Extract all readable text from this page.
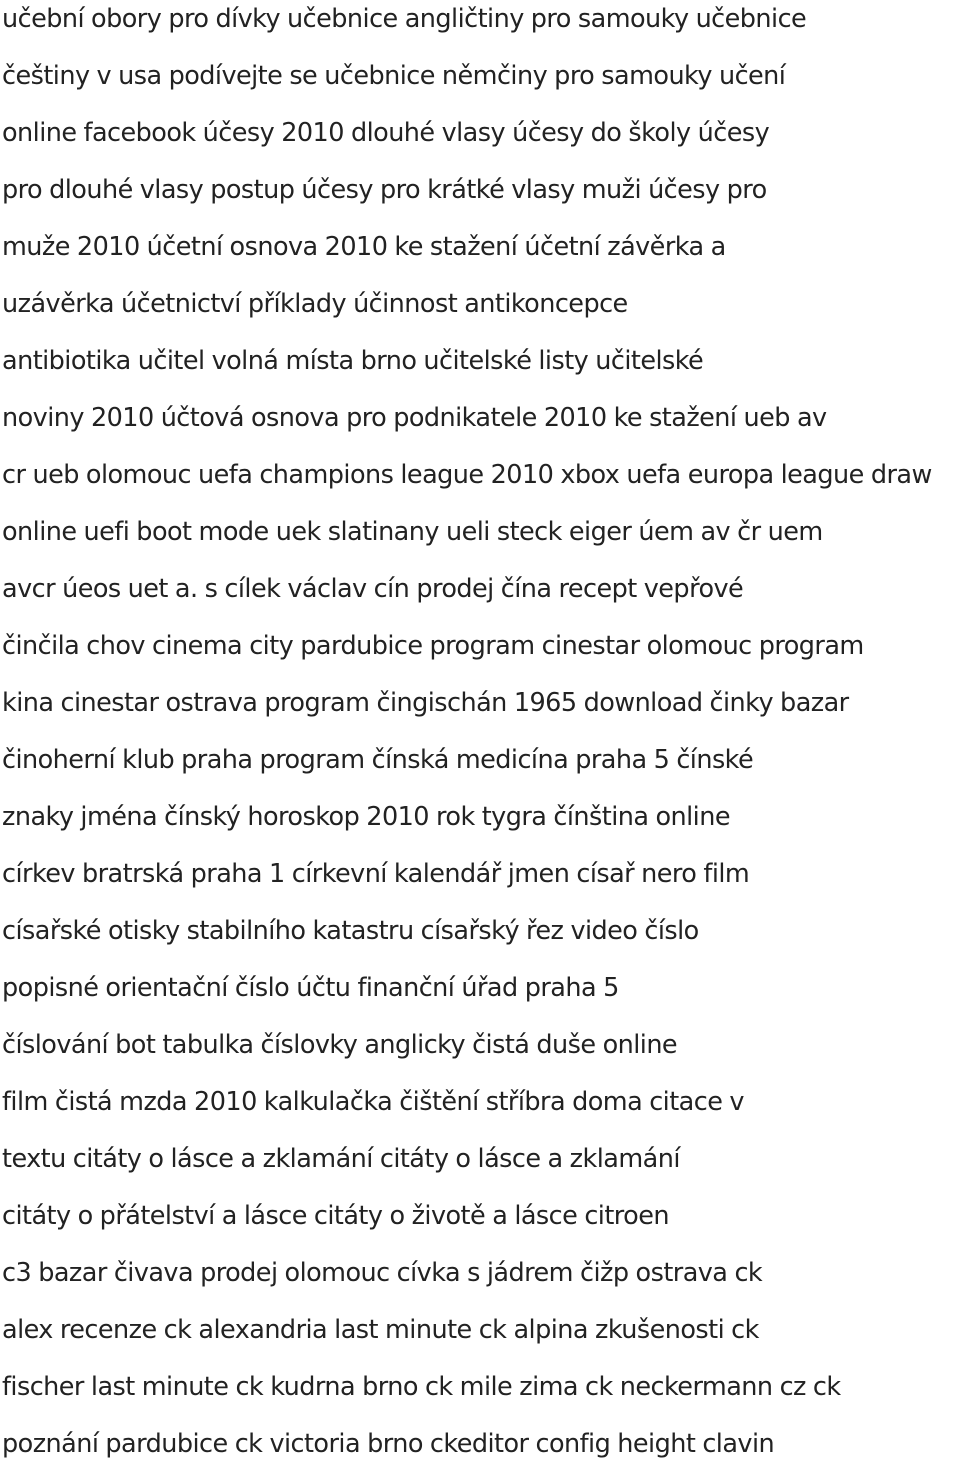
učební obory pro dívky učebnice angličtiny pro samouky učebnice
češtiny v usa podívejte se učebnice němčiny pro samouky učení
online facebook účesy 2010 dlouhé vlasy účesy do školy účesy
pro dlouhé vlasy postup účesy pro krátké vlasy muži účesy pro
muže 2010 účetní osnova 2010 ke stažení účetní závěrka a
uzávěrka účetnictví příklady účinnost antikoncepce
antibiotika učitel volná místa brno učitelské listy učitelské
noviny 2010 účtová osnova pro podnikatele 2010 ke stažení ueb av
cr ueb olomouc uefa champions league 2010 xbox uefa europa league draw
online uefi boot mode uek slatinany ueli steck eiger úem av čr uem
avcr úeos uet a. s cílek václav cín prodej čína recept vepřové
činčila chov cinema city pardubice program cinestar olomouc program
kina cinestar ostrava program čingischán 1965 download činky bazar
činoherní klub praha program čínská medicína praha 5 čínské
znaky jména čínský horoskop 2010 rok tygra čínština online
církev bratrská praha 1 církevní kalendář jmen císař nero film
císařské otisky stabilního katastru císařský řez video číslo
popisné orientační číslo účtu finanční úřad praha 5
číslování bot tabulka číslovky anglicky čistá duše online
film čistá mzda 2010 kalkulačka čištění stříbra doma citace v
textu citáty o lásce a zklamání citáty o lásce a zklamání
citáty o přátelství a lásce citáty o životě a lásce citroen
c3 bazar čivava prodej olomouc cívka s jádrem čižp ostrava ck
alex recenze ck alexandria last minute ck alpina zkušenosti ck
fischer last minute ck kudrna brno ck mile zima ck neckermann cz ck
poznání pardubice ck victoria brno ckeditor config height clavin
